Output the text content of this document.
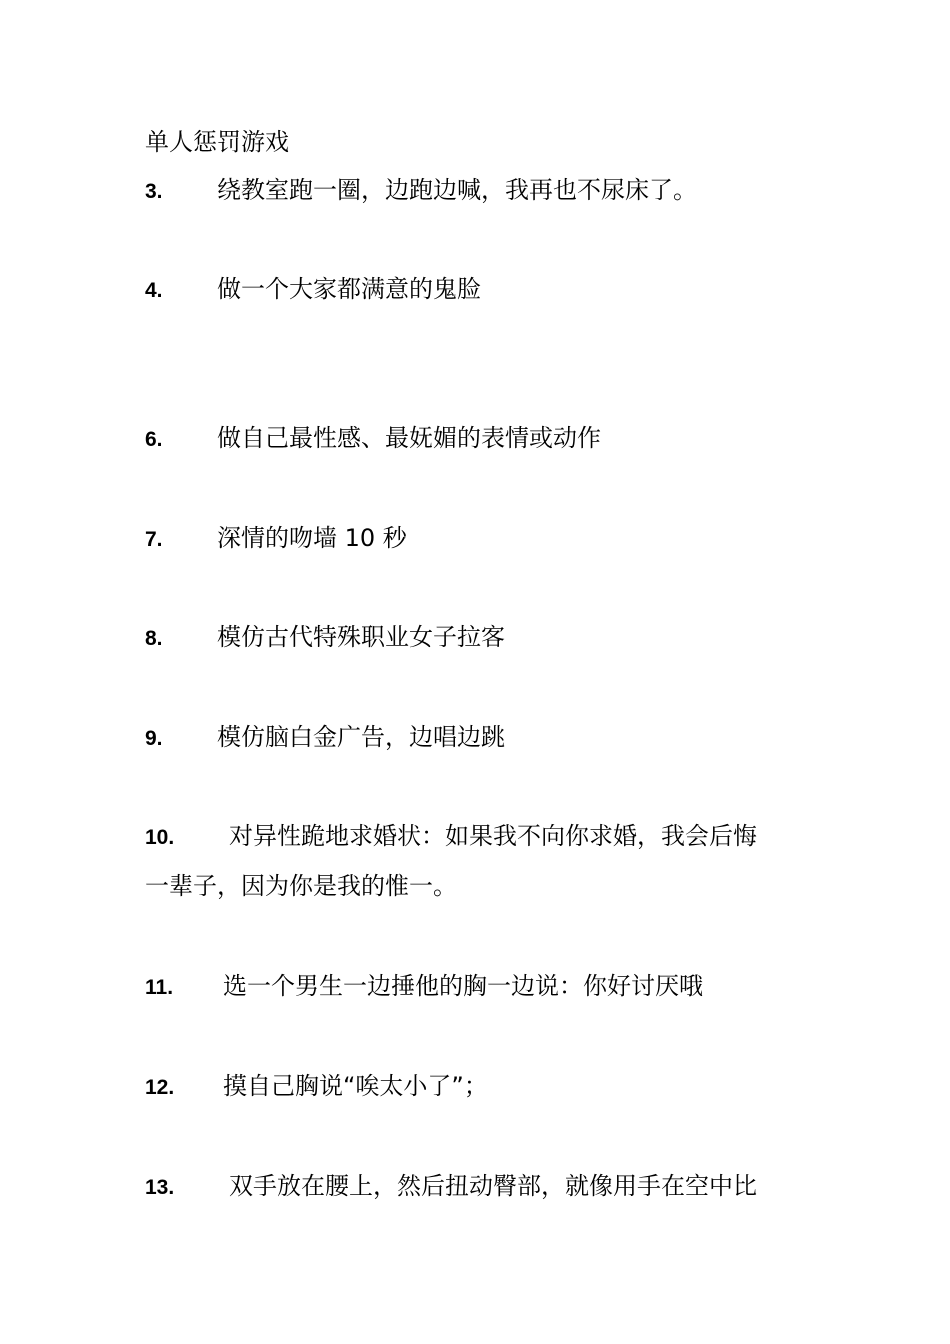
单人惩罚游戏
3. 绕教室跑一圈，边跑边喊，我再也不尿床了。
4. 做一个大家都满意的鬼脸
6. 做自己最性感、最妩媚的表情或动作
7. 深情的吻墙 10 秒
8. 模仿古代特殊职业女子拉客
9. 模仿脑白金广告，边唱边跳
10. 对异性跪地求婚状：如果我不向你求婚，我会后悔
一辈子，因为你是我的惟一。
11. 选一个男生一边捶他的胸一边说：你好讨厌哦
12. 摸自己胸说“唉太小了”；
13. 双手放在腰上，然后扭动臀部，就像用手在空中比
